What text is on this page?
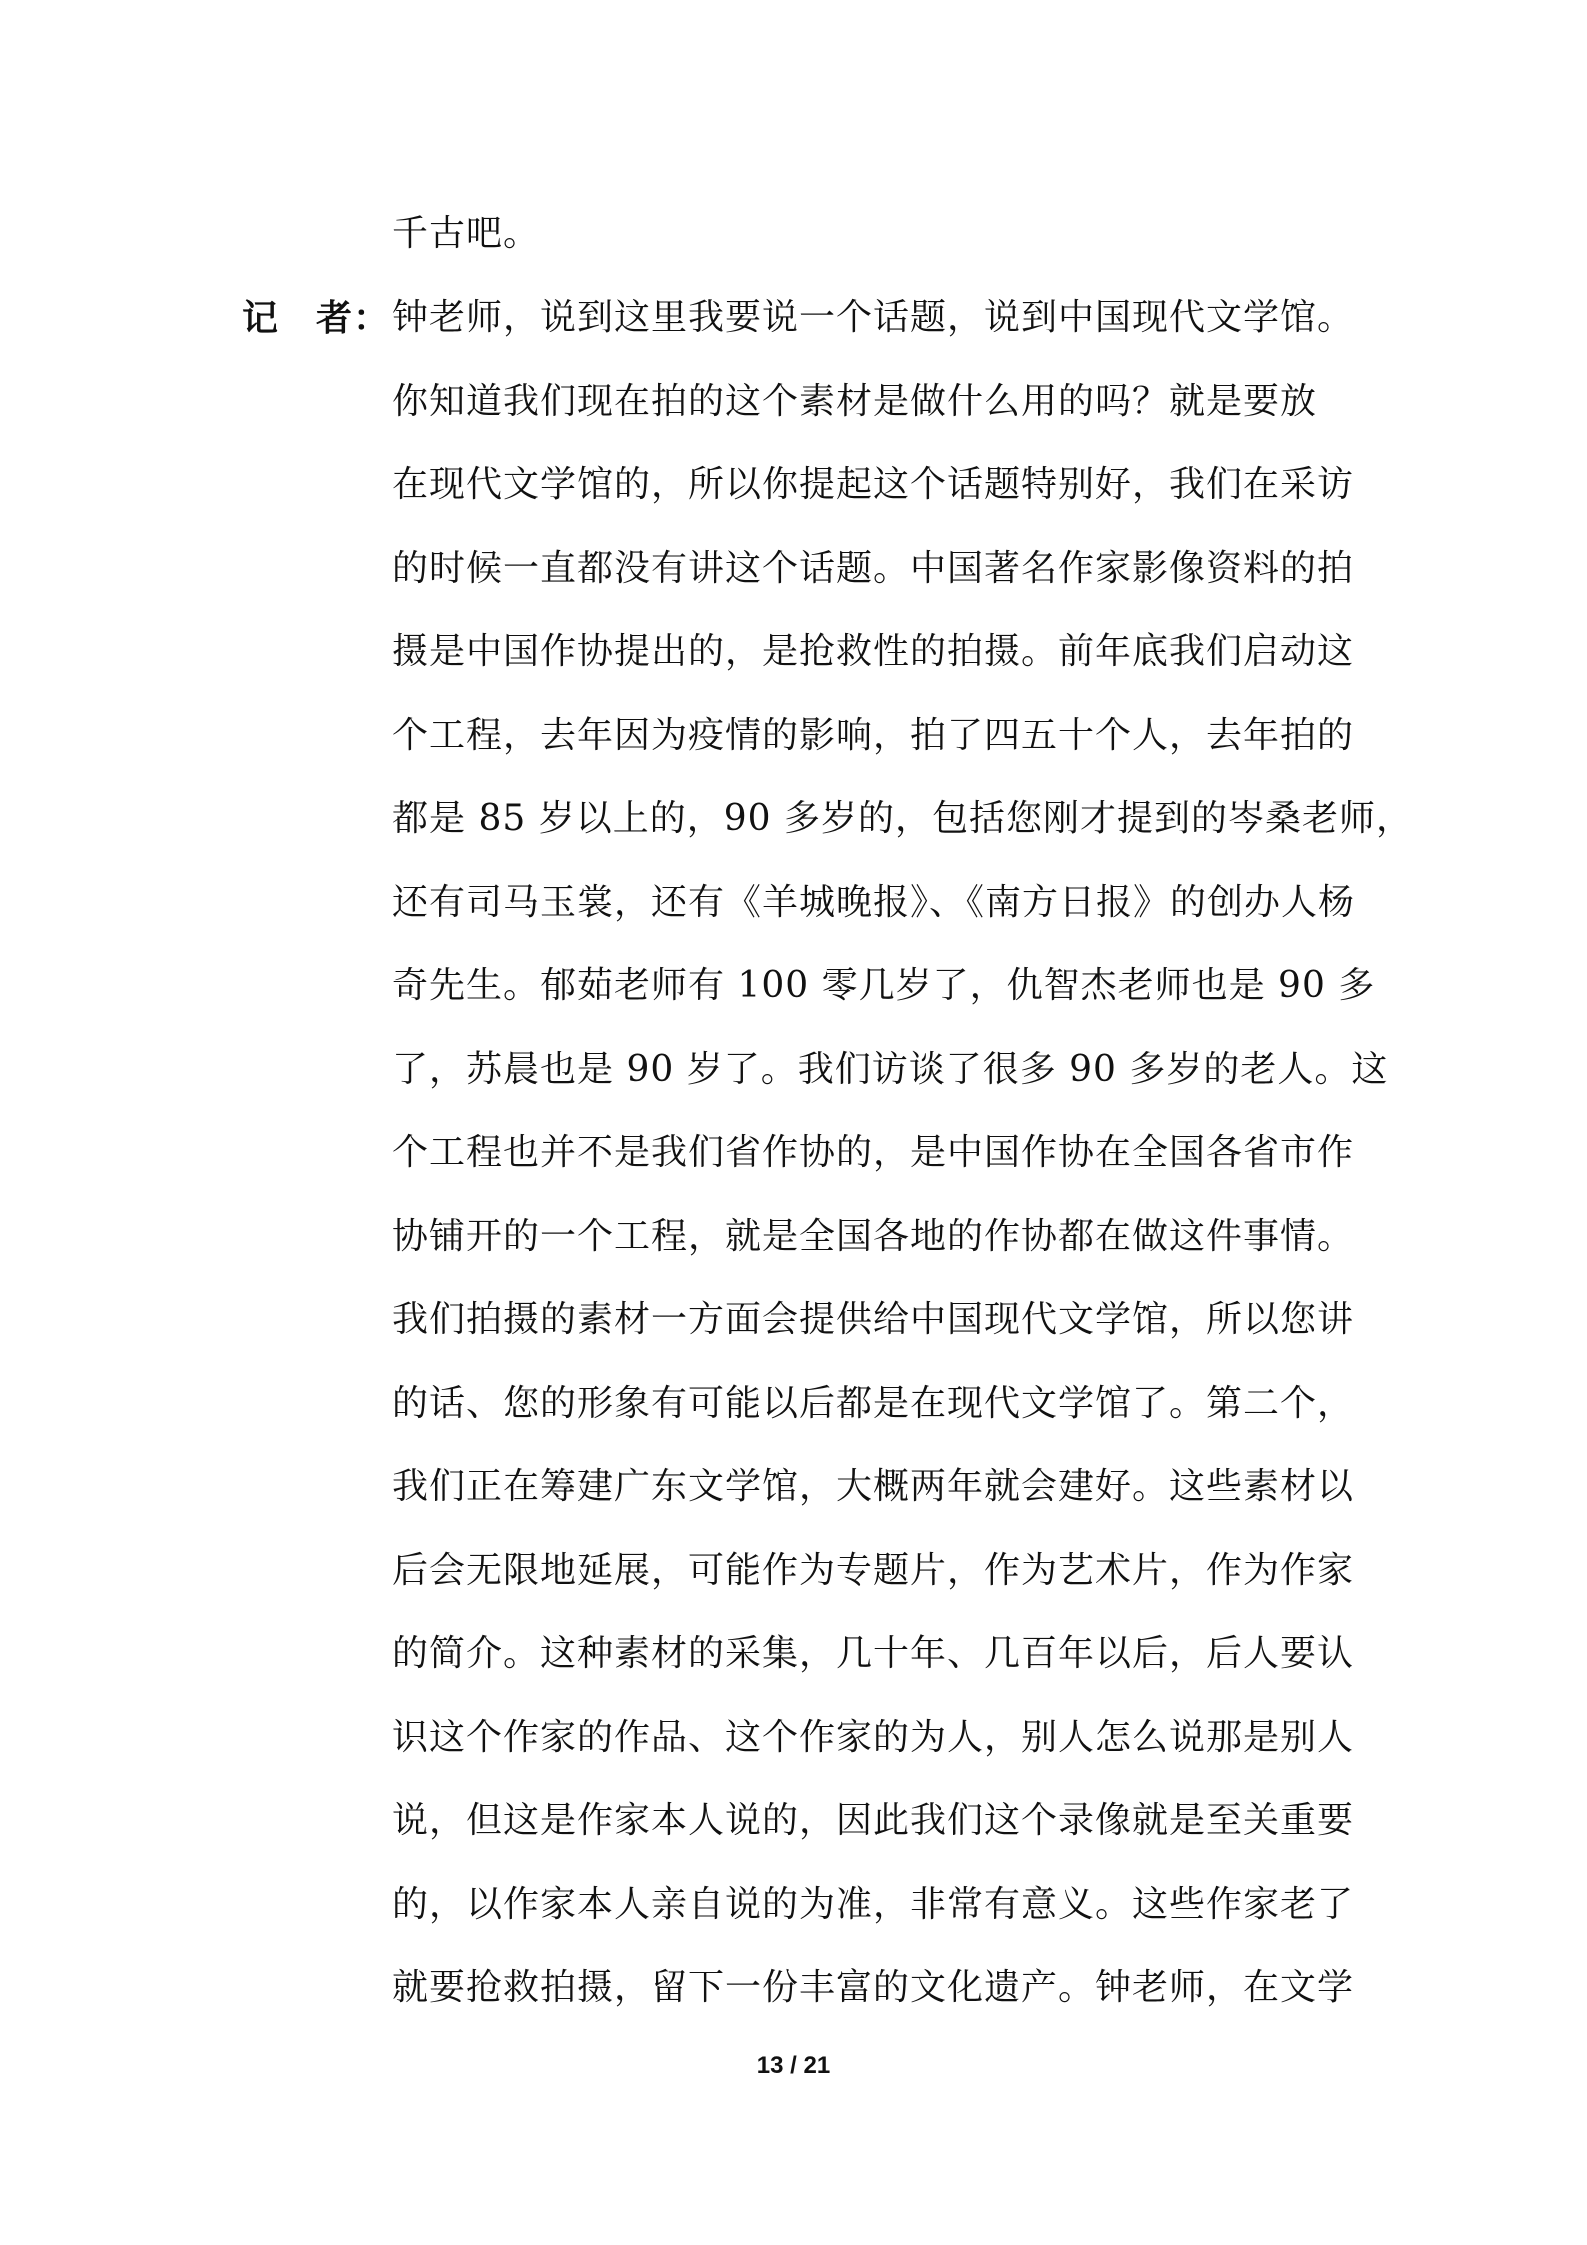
千古吧。
记　者： 钟老师，说到这里我要说一个话题，说到中国现代文学馆。
你知道我们现在拍的这个素材是做什么用的吗？就是要放
在现代文学馆的，所以你提起这个话题特别好，我们在采访
的时候一直都没有讲这个话题。中国著名作家影像资料的拍
摄是中国作协提出的，是抢救性的拍摄。前年底我们启动这
个工程，去年因为疫情的影响，拍了四五十个人，去年拍的
都是 85 岁以上的，90 多岁的，包括您刚才提到的岑桑老师，
还有司马玉裳，还有《羊城晚报》、《南方日报》的创办人杨
奇先生。郁茹老师有 100 零几岁了，仇智杰老师也是 90 多
了，苏晨也是 90 岁了。我们访谈了很多 90 多岁的老人。这
个工程也并不是我们省作协的，是中国作协在全国各省市作
协铺开的一个工程，就是全国各地的作协都在做这件事情。
我们拍摄的素材一方面会提供给中国现代文学馆，所以您讲
的话、您的形象有可能以后都是在现代文学馆了。第二个，
我们正在筹建广东文学馆，大概两年就会建好。这些素材以
后会无限地延展，可能作为专题片，作为艺术片，作为作家
的简介。这种素材的采集，几十年、几百年以后，后人要认
识这个作家的作品、这个作家的为人，别人怎么说那是别人
说，但这是作家本人说的，因此我们这个录像就是至关重要
的，以作家本人亲自说的为准，非常有意义。这些作家老了
就要抢救拍摄，留下一份丰富的文化遗产。钟老师，在文学
13 / 21
